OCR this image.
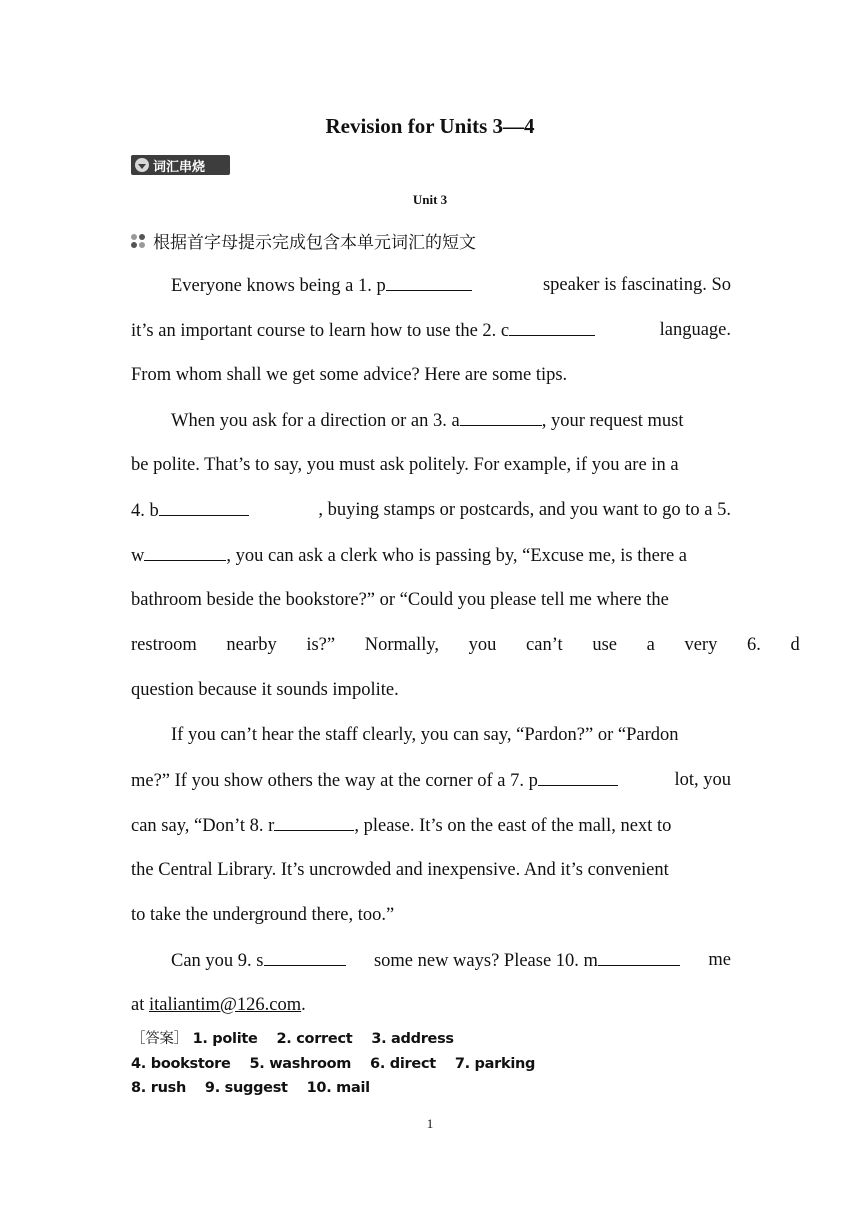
Revision for Units 3—4
词汇串烧
Unit 3
根据首字母提示完成包含本单元词汇的短文
Everyone knows being a 1. p	speaker is fascinating. So
it’s an important course to learn how to use the 2. c	language.
From whom shall we get some advice? Here are some tips.
When you ask for a direction or an 3. a	, your request must
be polite. That’s to say, you must ask politely. For example, if you are in a
4. b	, buying stamps or postcards, and you want to go to a 5.
w	, you can ask a clerk who is passing by, “Excuse me, is there a
bathroom beside the bookstore?” or “Could you please tell me where the
restroom nearby is?” Normally, you can’t use a very 6. d
question because it sounds impolite.
If you can’t hear the staff clearly, you can say, “Pardon?” or “Pardon
me?” If you show others the way at the corner of a 7. p	lot, you
can say, “Don’t 8. r	, please. It’s on the east of the mall, next to
the Central Library. It’s uncrowded and inexpensive. And it’s convenient
to take the underground there, too.”
Can you 9. s	some new ways? Please 10. m	me
at italiantim@126.com.
［答案］ 1. polite　 2. correct　 3. address
4. bookstore　 5. washroom　 6. direct　 7. parking
8. rush　 9. suggest　 10. mail
1
